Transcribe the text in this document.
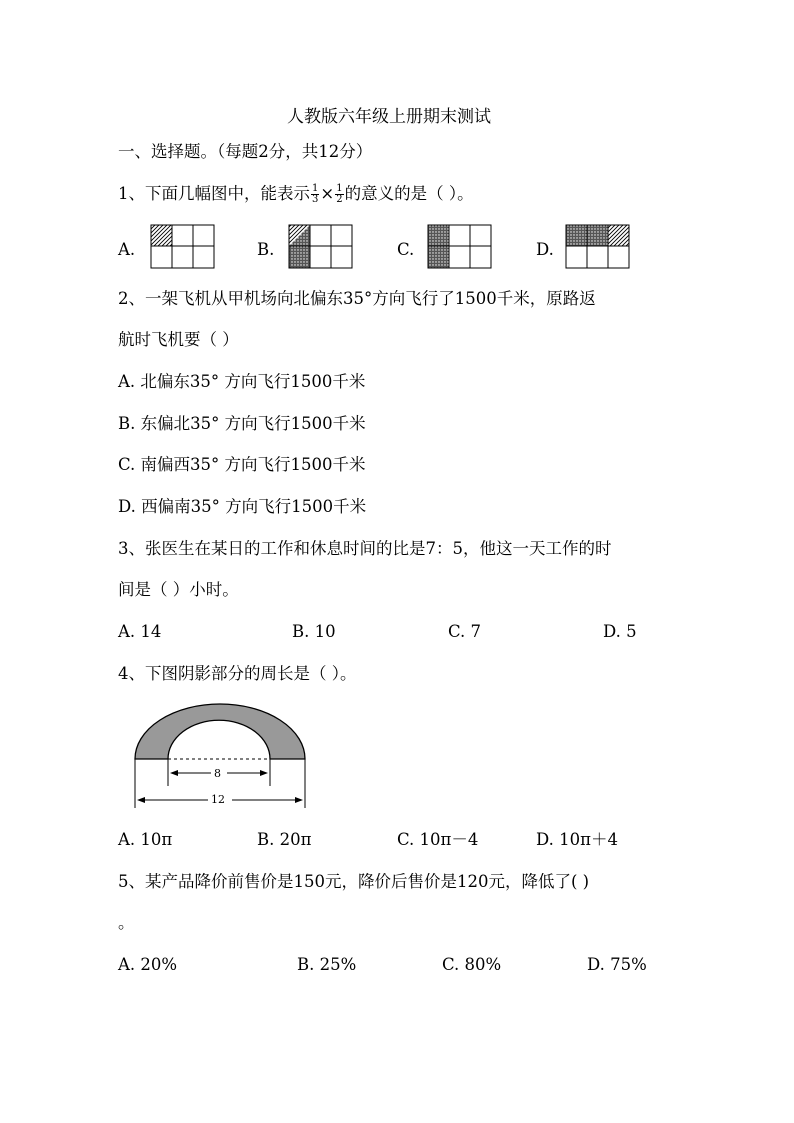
人教版六年级上册期末测试
一、选择题。（每题2分，共12分）
1、下面几幅图中，能表示 $\frac{1}{3} \times \frac{1}{2}$ 的意义的是（ ）。
A.	B.	C.	D.
2、一架飞机从甲机场向北偏东35°方向飞行了1500千米，原路返
航时飞机要（ ）
A. 北偏东35° 方向飞行1500千米
B. 东偏北35° 方向飞行1500千米
C. 南偏西35° 方向飞行1500千米
D. 西偏南35° 方向飞行1500千米
3、张医生在某日的工作和休息时间的比是7：5，他这一天工作的时
间是（ ）小时。
A. 14	B. 10	C. 7	D. 5
4、下图阴影部分的周长是（ ）。
8
12
A. 10π	B. 20π	C. 10π－4	D. 10π＋4
5、某产品降价前售价是150元，降价后售价是120元，降低了( )
。
A. 20%	B. 25%	C. 80%	D. 75%
